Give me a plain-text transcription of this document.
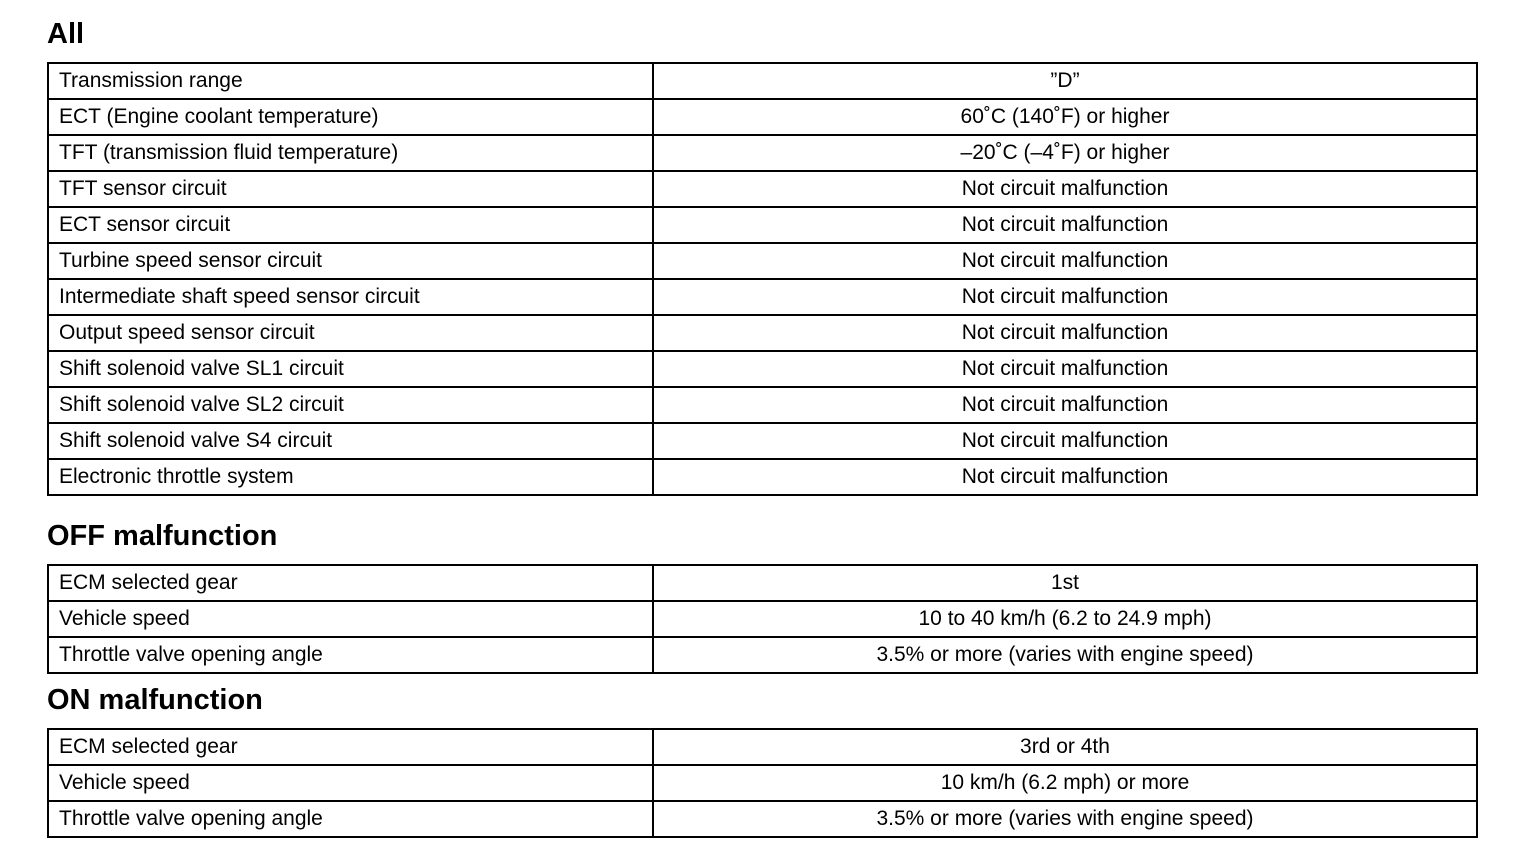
All
Transmission range	”D”
ECT (Engine coolant temperature)	60˚C (140˚F) or higher
TFT (transmission fluid temperature)	–20˚C (–4˚F) or higher
TFT sensor circuit	Not circuit malfunction
ECT sensor circuit	Not circuit malfunction
Turbine speed sensor circuit	Not circuit malfunction
Intermediate shaft speed sensor circuit	Not circuit malfunction
Output speed sensor circuit	Not circuit malfunction
Shift solenoid valve SL1 circuit	Not circuit malfunction
Shift solenoid valve SL2 circuit	Not circuit malfunction
Shift solenoid valve S4 circuit	Not circuit malfunction
Electronic throttle system	Not circuit malfunction
OFF malfunction
ECM selected gear	1st
Vehicle speed	10 to 40 km/h (6.2 to 24.9 mph)
Throttle valve opening angle	3.5% or more (varies with engine speed)
ON malfunction
ECM selected gear	3rd or 4th
Vehicle speed	10 km/h (6.2 mph) or more
Throttle valve opening angle	3.5% or more (varies with engine speed)
